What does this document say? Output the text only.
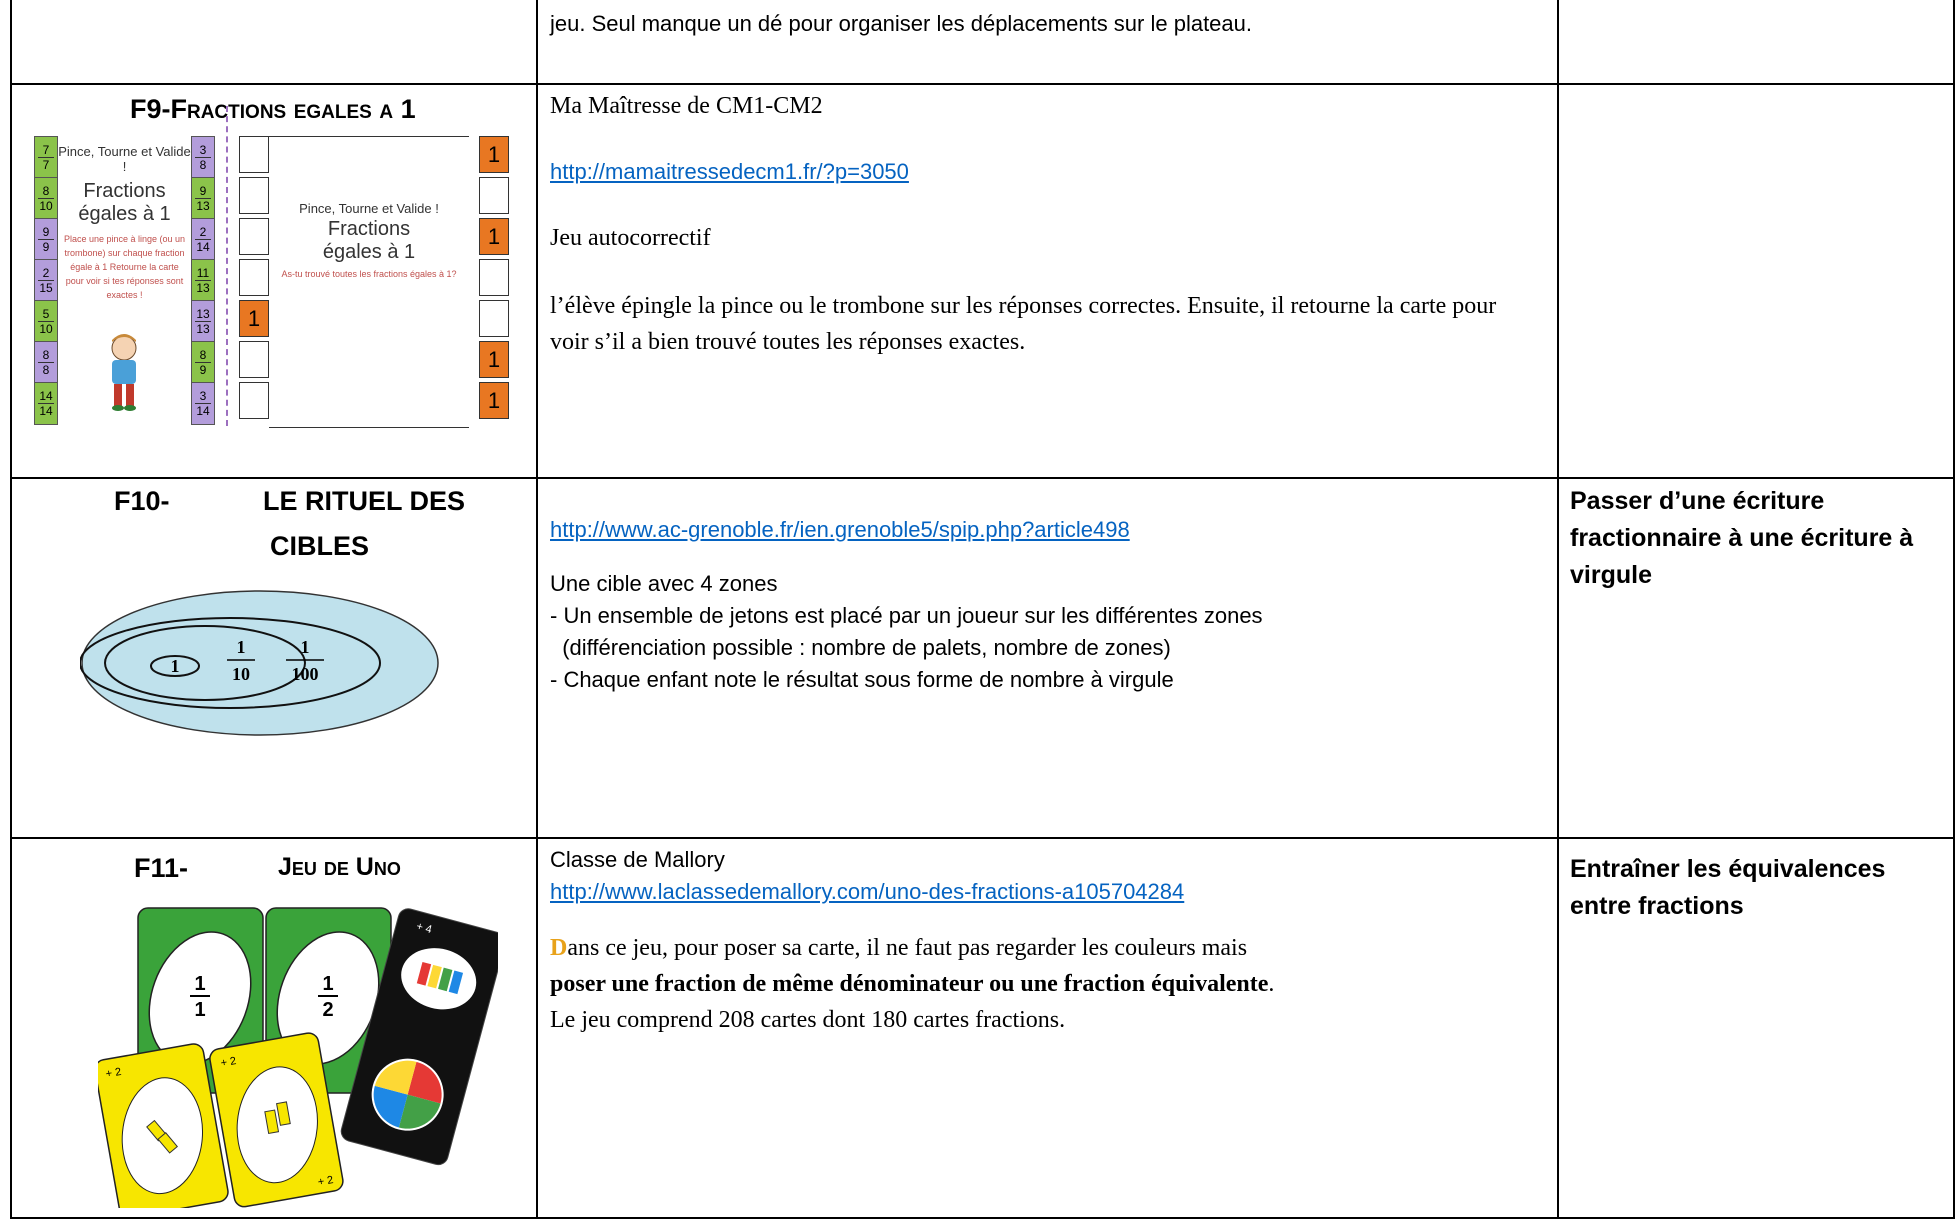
jeu. Seul manque un dé pour organiser les déplacements sur le plateau.
F9-Fractions egales a 1
$\frac{7}{7}$
$\frac{8}{10}$
$\frac{9}{9}$
$\frac{2}{15}$
$\frac{5}{10}$
$\frac{8}{8}$
$\frac{14}{14}$
Pince, Tourne et Valide !
Fractions
égales à 1
Place une pince à linge (ou un trombone) sur chaque fraction égale à 1 Retourne la carte pour voir si tes réponses sont exactes !
$\frac{3}{8}$
$\frac{9}{13}$
$\frac{2}{14}$
$\frac{11}{13}$
$\frac{13}{13}$
$\frac{8}{9}$
$\frac{3}{14}$
1
Pince, Tourne et Valide !
Fractions
égales à 1
As-tu trouvé toutes les fractions égales à 1?
1
1
1
1

Ma Maîtresse de CM1-CM2

http://mamaitressedecm1.fr/?p=3050

Jeu autocorrectif

l’élève épingle la pince ou le trombone sur les réponses correctes. Ensuite, il retourne la carte pour voir s’il a bien trouvé toutes les réponses exactes.

F10-	LE RITUEL DES
CIBLES
1
1
10
1
100

http://www.ac-grenoble.fr/ien.grenoble5/spip.php?article498

Une cible avec 4 zones

- Un ensemble de jetons est placé par un joueur sur les différentes zones

(différenciation possible : nombre de palets, nombre de zones)

- Chaque enfant note le résultat sous forme de nombre à virgule

Passer d’une écriture fractionnaire à une écriture à virgule
F11-	Jeu de Uno
1
1
1
2
+ 4
+ 2
+ 2
+ 2

Classe de Mallory

http://www.laclassedemallory.com/uno-des-fractions-a105704284

Dans ce jeu, pour poser sa carte, il ne faut pas regarder les couleurs mais
poser une fraction de même dénominateur ou une fraction équivalente.
Le jeu comprend 208 cartes dont 180 cartes fractions.

Entraîner les équivalences entre fractions
